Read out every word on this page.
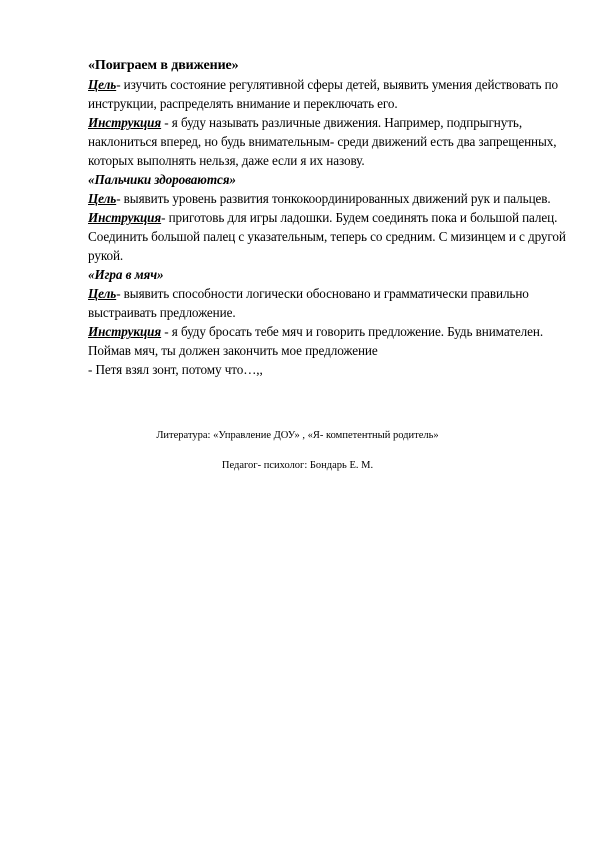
«Поиграем в движение»

Цель- изучить состояние регулятивной сферы детей, выявить умения действовать по инструкции, распределять внимание и переключать его.

Инструкция - я буду называть различные движения. Например, подпрыгнуть, наклониться вперед, но будь внимательным- среди движений есть два запрещенных, которых выполнять нельзя, даже если я их назову.

«Пальчики здороваются»

Цель- выявить уровень развития тонкокоординированных движений рук и пальцев.

Инструкция- приготовь для игры ладошки. Будем соединять пока и большой палец. Соединить большой палец с указательным, теперь со средним. С мизинцем и с другой рукой.

«Игра в мяч»

Цель- выявить способности логически обосновано и грамматически правильно выстраивать предложение.

Инструкция - я буду бросать тебе мяч и говорить предложение. Будь внимателен. Поймав мяч, ты должен закончить мое предложение

- Петя взял зонт, потому что…,,

Литература: «Управление ДОУ» , «Я- компетентный родитель»
Педагог- психолог: Бондарь Е. М.
